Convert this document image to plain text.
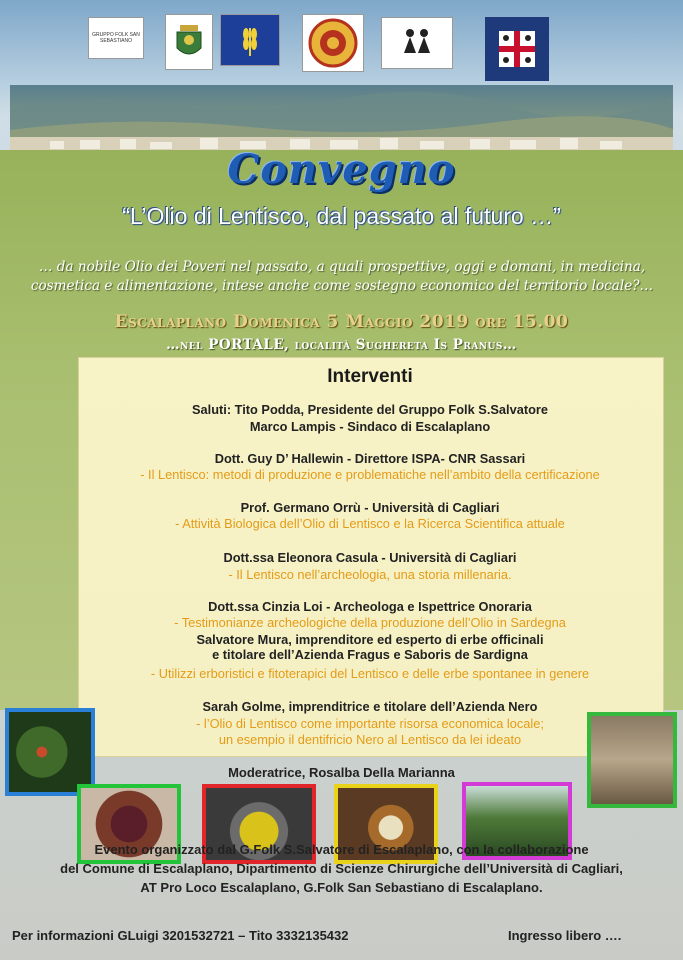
GRUPPO FOLK SAN SEBASTIANO
Convegno
“L’Olio di Lentisco, dal passato al futuro …”
… da nobile Olio dei Poveri nel passato, a quali prospettive, oggi e domani, in medicina,
cosmetica e alimentazione, intese anche come sostegno economico del territorio locale?…
Escalaplano Domenica 5 Maggio 2019 ore 15.00
…nel PORTALE, località Sughereta Is Pranus…
Interventi
Saluti: Tito Podda, Presidente del Gruppo Folk S.Salvatore
Marco Lampis - Sindaco di Escalaplano
Dott. Guy D’ Hallewin - Direttore ISPA- CNR Sassari
- Il Lentisco: metodi di produzione e problematiche nell’ambito della certificazione
Prof. Germano Orrù - Università di Cagliari
- Attività Biologica dell’Olio di Lentisco e la Ricerca Scientifica attuale
Dott.ssa Eleonora Casula - Università di Cagliari
- Il Lentisco nell’archeologia, una storia millenaria.
Dott.ssa Cinzia Loi - Archeologa e Ispettrice Onoraria
- Testimonianze archeologiche della produzione dell’Olio in Sardegna
Salvatore Mura, imprenditore ed esperto di erbe officinali
e titolare dell’Azienda Fragus e Saboris de Sardigna
- Utilizzi erboristici e fitoterapici del Lentisco e delle erbe spontanee in genere
Sarah Golme, imprenditrice e titolare dell’Azienda Nero
- l’Olio di Lentisco come importante risorsa economica locale;
un esempio il dentifricio Nero al Lentisco da lei ideato
Moderatrice, Rosalba Della Marianna
Evento organizzato dal G.Folk S.Salvatore di Escalaplano, con la collaborazione
del Comune di Escalaplano, Dipartimento di Scienze Chirurgiche dell’Università di Cagliari,
AT Pro Loco Escalaplano, G.Folk San Sebastiano di Escalaplano.
Per informazioni GLuigi 3201532721 – Tito 3332135432	Ingresso libero ….
